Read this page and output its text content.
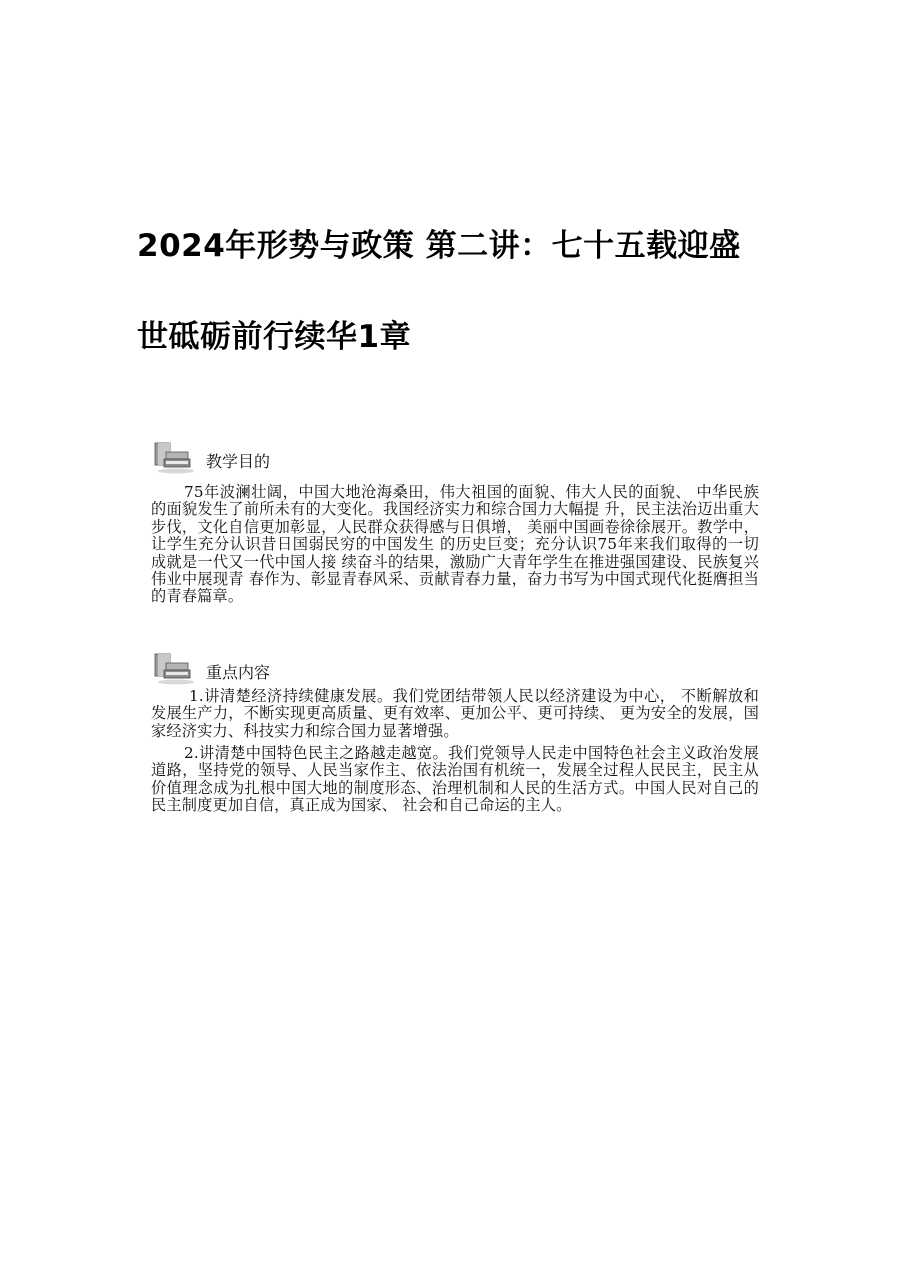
2024年形势与政策 第二讲：七十五载迎盛
世砥砺前行续华1章
教学目的

75年波澜壮阔，中国大地沧海桑田，伟大祖国的面貌、伟大人民的面貌、 中华民族的面貌发生了前所未有的大变化。我国经济实力和综合国力大幅提 升，民主法治迈出重大步伐，文化自信更加彰显，人民群众获得感与日俱增， 美丽中国画卷徐徐展开。教学中，让学生充分认识昔日国弱民穷的中国发生 的历史巨变；充分认识75年来我们取得的一切成就是一代又一代中国人接 续奋斗的结果，激励广大青年学生在推进强国建设、民族复兴伟业中展现青 春作为、彰显青春风采、贡献青春力量，奋力书写为中国式现代化挺膺担当 的青春篇章。

重点内容

1.讲清楚经济持续健康发展。我们党团结带领人民以经济建设为中心， 不断解放和发展生产力，不断实现更高质量、更有效率、更加公平、更可持续、 更为安全的发展，国家经济实力、科技实力和综合国力显著增强。

2.讲清楚中国特色民主之路越走越宽。我们党领导人民走中国特色社会主义政治发展道路，坚持党的领导、人民当家作主、依法治国有机统一，发展全过程人民民主，民主从价值理念成为扎根中国大地的制度形态、治理机制和人民的生活方式。中国人民对自己的民主制度更加自信，真正成为国家、 社会和自己命运的主人。
